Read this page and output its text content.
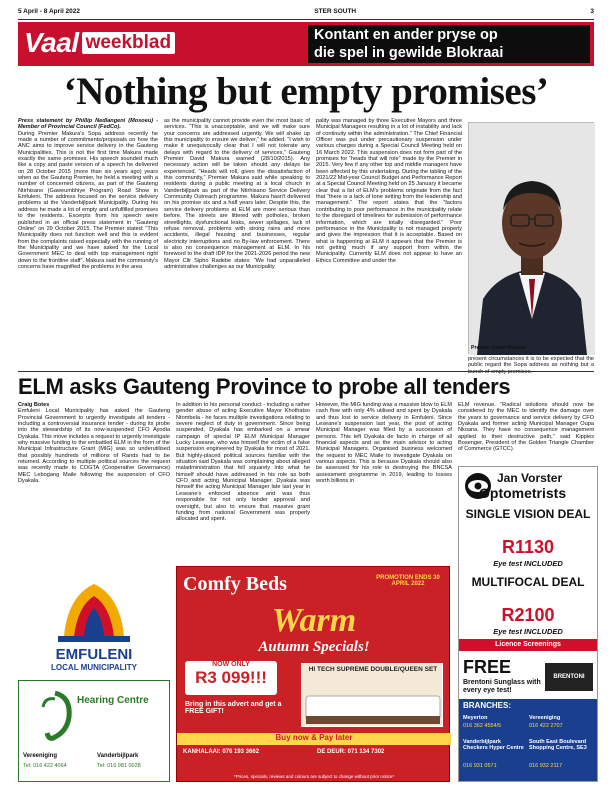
5 April - 8 April 2022	STER SOUTH	3
Vaal weekblad	Kontant en ander pryse op
die spel in gewilde Blokraai
‘Nothing but empty promises’

Press statement by Phillip Nedlangeni (Mosoeu) - Member of Provincial Council (FedCo).

During Premier Makura's Sopa address recently he made a number of commitments/proposals on how the ANC aims to improve service delivery in the Gauteng Municipalities. This is not the first time Makura made exactly the same promises. His speech sounded much like a copy and paste version of a speech he delivered on 28 October 2015 (more than six years ago) years when as the Gauteng Premier, he held a meeting with a number of concerned citizens, as part of the Gauteng Ntirhisano (Gaweumbhiye Program) Road Show in Emfuleni. The address focused on the service delivery problems at the Vanderbijlpark Municipality. During his address he made a lot of empty and unfulfilled promises to the residents. Excerpts from his speech were published in an official press statement in “Gauteng Online” on 29 October 2015. The Premier stated: “This Municipality does not function well and this is evident from the complaints raised especially with the running of the Municipality and we have asked for the Local Government MEC to deal with top management right down to the frontline staff”. Makura said the community's concerns have magnified the problems in the area

as the municipality cannot provide even the most basic of services. “This is unacceptable, and we will make sure your concerns are addressed urgently. We will shake up this municipality to ensure we deliver,” he added. “I wish to make it unequivocally clear that I will not tolerate any delays with regard to the delivery of services,” Gauteng Premier David Makura warned (28/10/2015). Any necessary action will be taken should any delays be experienced. “Heads will roll, given the dissatisfaction of this community,” Premier Makura said while speaking to residents during a public meeting at a local church in Vanderbijlpark as part of the Ntirhisano Service Delivery Community Outreach programme. Makura hasn't delivered on his promise six and a half years later. Despite this, the service delivery problems at ELM are more serious than before. The streets are littered with potholes, broken streetlights, dysfunctional leaks, sewer spillages, lack of refuse removal, problems with strong rains and more accidents, illegal housing and businesses, regular electricity interruptions and no By-law enforcement. There is also no consequence management at ELM. In his foreword to the draft IDP for the 2021-2026 period the new Mayor Cllr Sipho Radebe states: “We had unparalleled administrative challenges as our Municipality

pality was managed by three Executive Mayors and three Municipal Managers resulting in a lot of instability and lack of continuity within the administration.” The Chief Financial Officer was put under precautionary suspension under various charges during a Special Council Meeting held on 16 March 2022. This suspension does not form part of the promises for “heads that will role” made by the Premier in 2015. Very few if any other top and middle managers have been affected by this undertaking. During the tabling of the 2021/22 Mid-year Council Budget and Performance Report at a Special Council Meeting held on 25 January it became clear that a list of ELM's problems originate from the fact that “there is a lack of tone setting from the leadership and management.” The report states that the “factors contributing to poor performance in the municipality relate to the disregard of timelines for submission of performance information, which are totally disregarded.” Poor performance in the Municipality is not managed properly and gives the impression that it is acceptable. Based on what is happening at ELM it appears that the Premier is not getting much if any support from within the Municipality. Currently ELM does not appear to have an Ethics Committee and under the

Premier David Makura

present circumstances it is to be expected that the public regard the Sopa address as nothing but a

ELM asks Gauteng Province to probe all tenders

Craig Botes

Emfuleni Local Municipality has asked the Gauteng Provincial Government to urgently investigate all tenders - including a controversial insurance tender - during its probe into the stewardship of its now-suspended CFO Ayodia Dyakala. This move includes a request to urgently investigate why massive funding to the embattled ELM in the form of the Municipal Infrastructure Grant (MIG) was so underutilised that possibly hundreds of millions of Rands had to be returned. According to multiple political sources the request was recently made to COGTA (Cooperative Governance) MEC Lebogang Maile following the suspension of CFO Dyakala.

In addition to his personal conduct - including a rather gender abuse of acting Executive Mayor Khothatso Ntombela - he faces multiple investigations relating to severe neglect of duty in government. Since being suspended, Dyakala has embarked on a smear campaign of special IP ELM Municipal Manager Lucky Leseane, who was himself the victim of a false suspension engineered by Dyakala for most of 2021. But highly-placed political sources familiar with the situation said Dyakala was complaining about alleged maladministration that fell squarely into what he himself should have addressed in his role as both CFO and acting Municipal Manager. Dyakala was himself the acting Municipal Manager late last year in Leseane's enforced absence and was thus responsible for not only tender approval and oversight, but also to ensure that massive grant funding from national Government was properly allocated and spent.

However, the MIG funding was a massive blow to ELM cash flow with only 4% utilised and spent by Dyakala and thus lost to service delivery in Emfuleni. Since Leseane's suspension last year, the post of acting Municipal Manager was filled by a succession of persons. This left Dyakala de facto in charge of all financial aspects and as the main advisor to acting Municipal Managers. Organised business welcomed the request to MEC Maile to investigate Dyakala on various aspects. This is because Dyakala should also be assessed for his role in destroying the BNCSA assessment programme in 2019, leading to losses worth billions in

ELM revenue. “Radical solutions should now be considered by the MEC to identify the damage over the years to governance and service delivery by CFO Dyakala and former acting Municipal Manager Oupa Nkoana. They have no consequence management applied to their destructive path,” said Kippies Bosenger, President of the Golden Triangle Chamber of Commerce (GTCC).

EMFULENI
LOCAL MUNICIPALITY
Hearing Centre
Vereeniging
Tel: 016 422 4064
Vanderbijlpark
Tel: 016 981 0028
Comfy Beds	PROMOTION ENDS 30 APRIL 2022
Warm
Autumn Specials!
NOW ONLY
R3 099!!!	HI TECH SUPREME DOUBLE/QUEEN SET
Bring in this advert and get a FREE GIFT!
Buy now & Pay later
KANHALAAI: 076 193 3662	DE DEUR: 071 134 7302
*Prices, specials, reviews and colours are subject to change without prior notice*
Jan Vorster
Optometrists
SINGLE VISION DEAL
R1130
Eye test INCLUDED
MULTIFOCAL DEAL
R2100
Eye test INCLUDED
Licence Screenings
FREE
Brentoni Sunglass with every eye test!
BRENTONI
BRANCHES:
Meyerton
016 362 4554/5
Vereeniging
016 422 2707
Vanderbijlpark Checkers Hyper Centre
016 931 0571
South East Boulevard Shopping Centre, SE3
016 932 2117
